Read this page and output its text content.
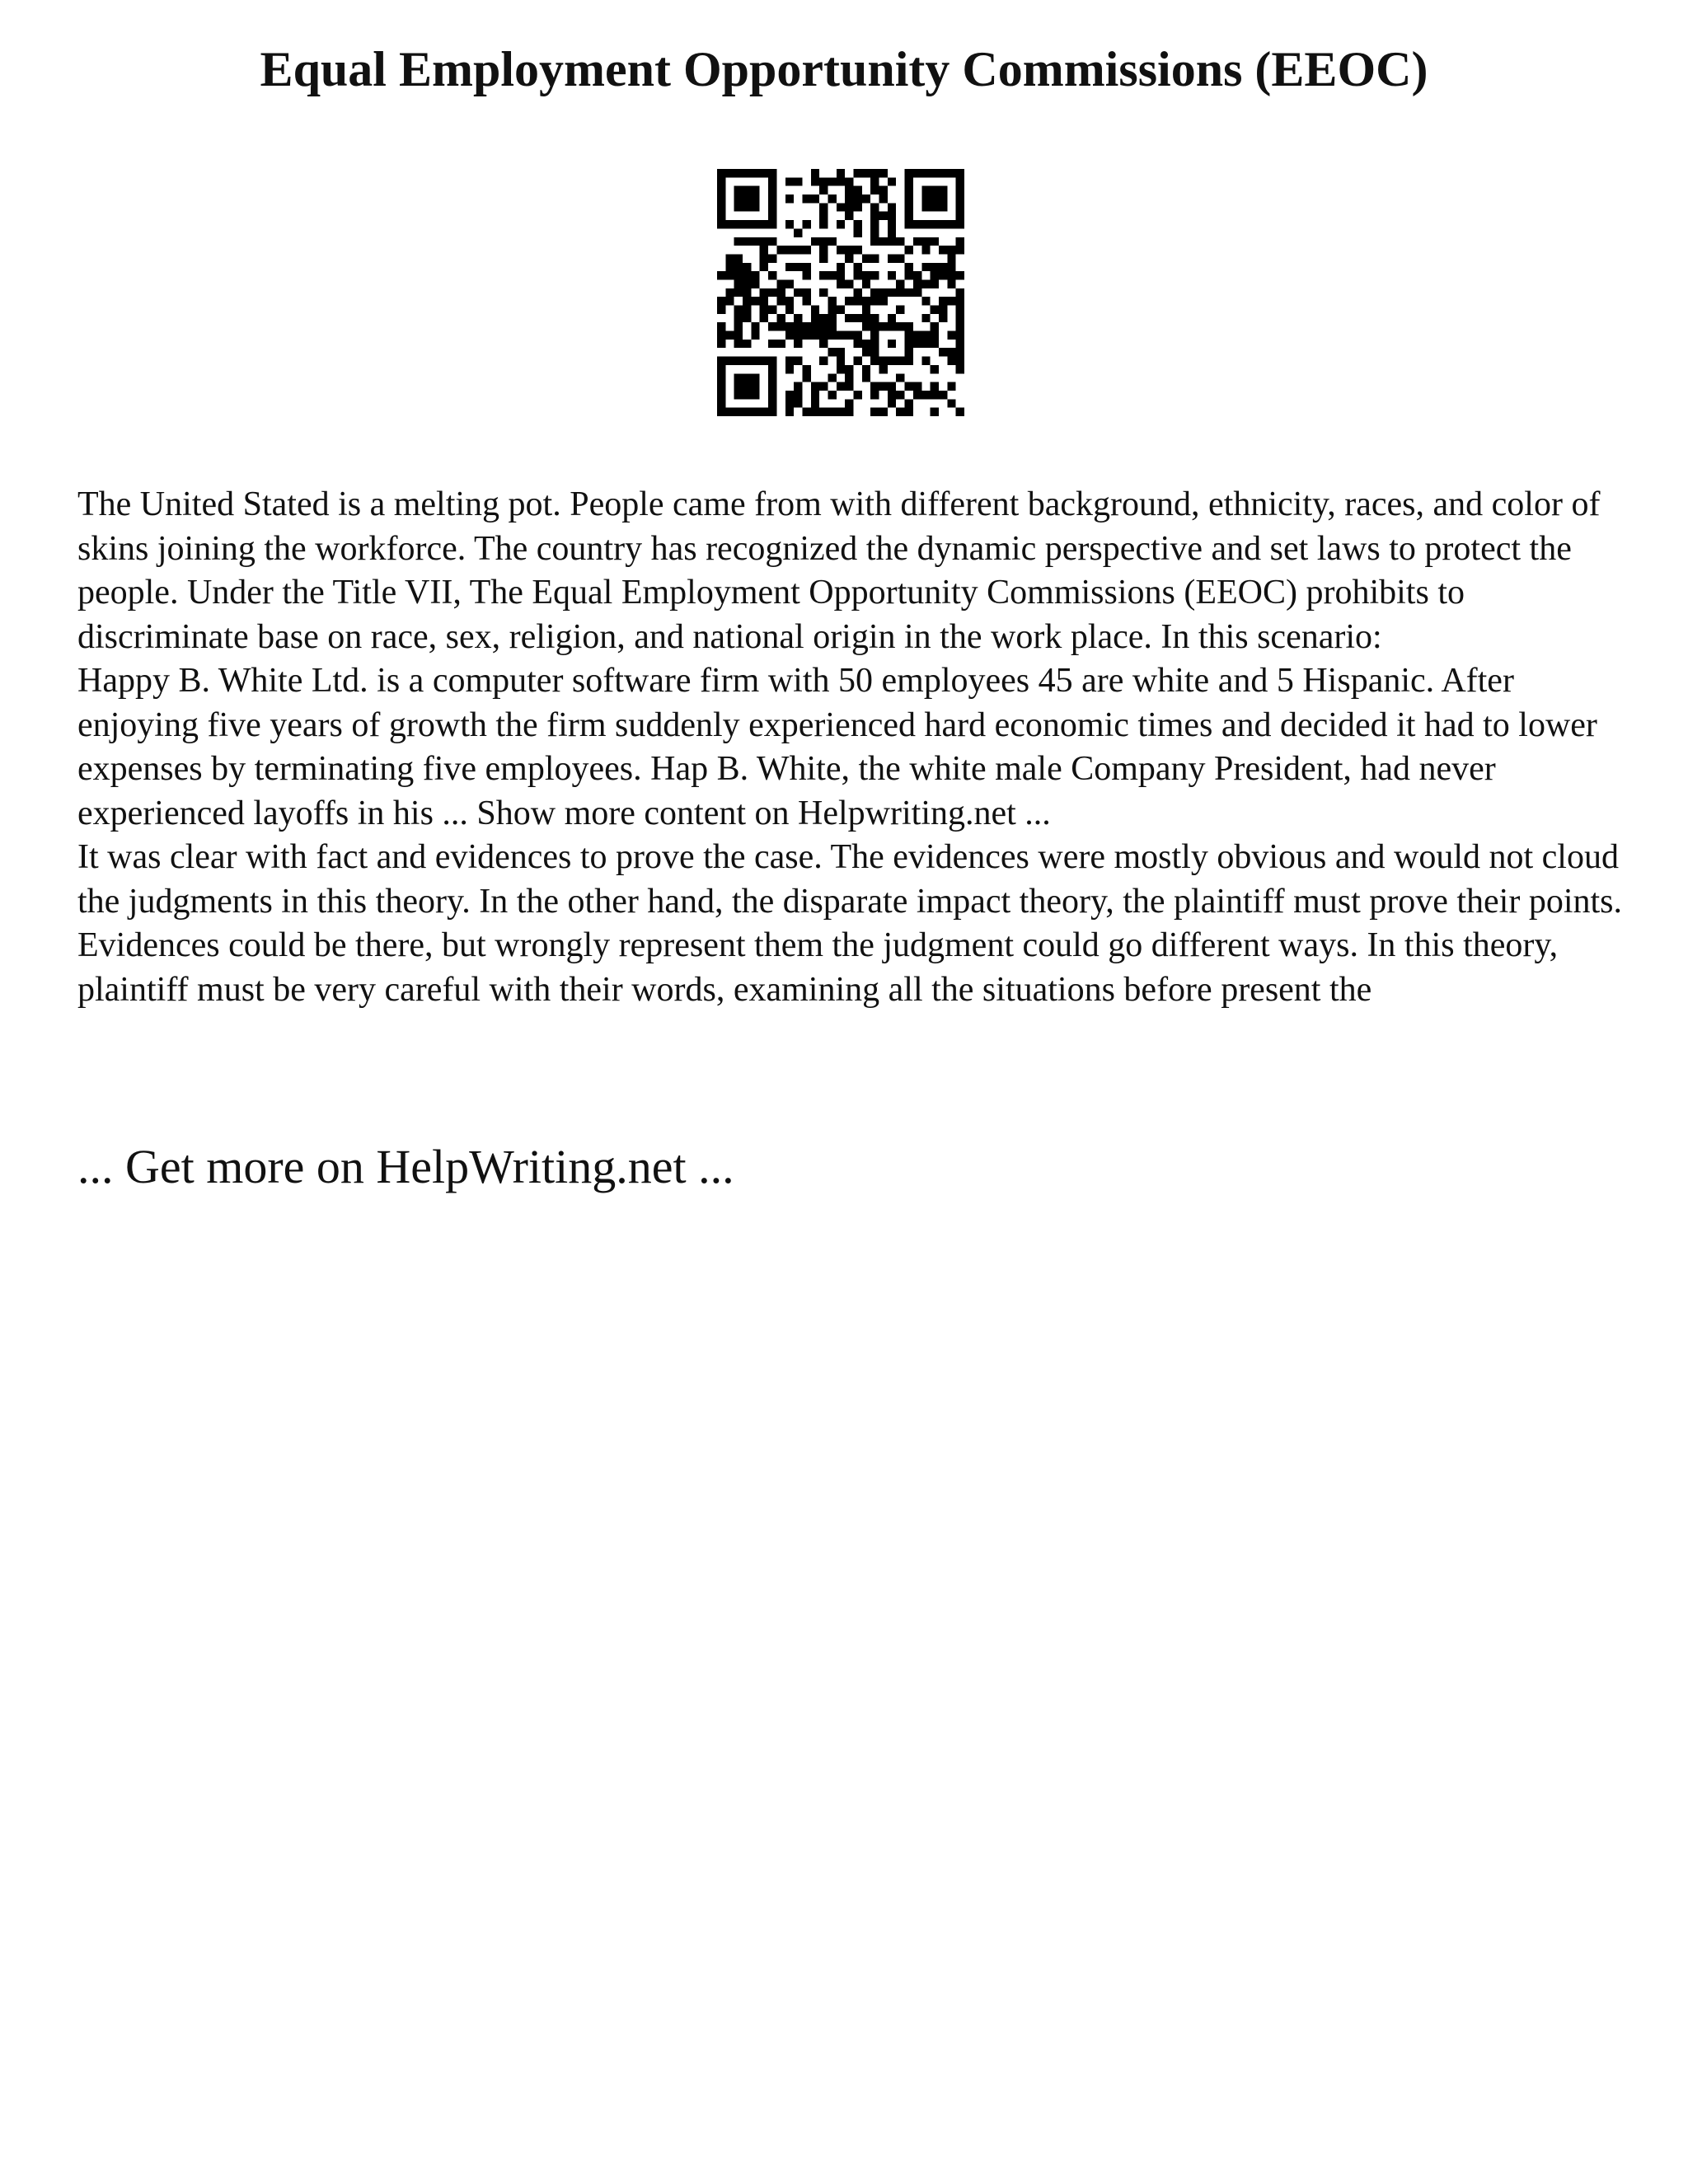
Equal Employment Opportunity Commissions (EEOC)

The United Stated is a melting pot. People came from with different background, ethnicity, races, and color of skins joining the workforce. The country has recognized the dynamic perspective and set laws to protect the people. Under the Title VII, The Equal Employment Opportunity Commissions (EEOC) prohibits to discriminate base on race, sex, religion, and national origin in the work place. In this scenario:

Happy B. White Ltd. is a computer software firm with 50 employees 45 are white and 5 Hispanic. After enjoying five years of growth the firm suddenly experienced hard economic times and decided it had to lower expenses by terminating five employees. Hap B. White, the white male Company President, had never experienced layoffs in his ... Show more content on Helpwriting.net ...

It was clear with fact and evidences to prove the case. The evidences were mostly obvious and would not cloud the judgments in this theory. In the other hand, the disparate impact theory, the plaintiff must prove their points. Evidences could be there, but wrongly represent them the judgment could go different ways. In this theory, plaintiff must be very careful with their words, examining all the situations before present the

... Get more on HelpWriting.net ...
